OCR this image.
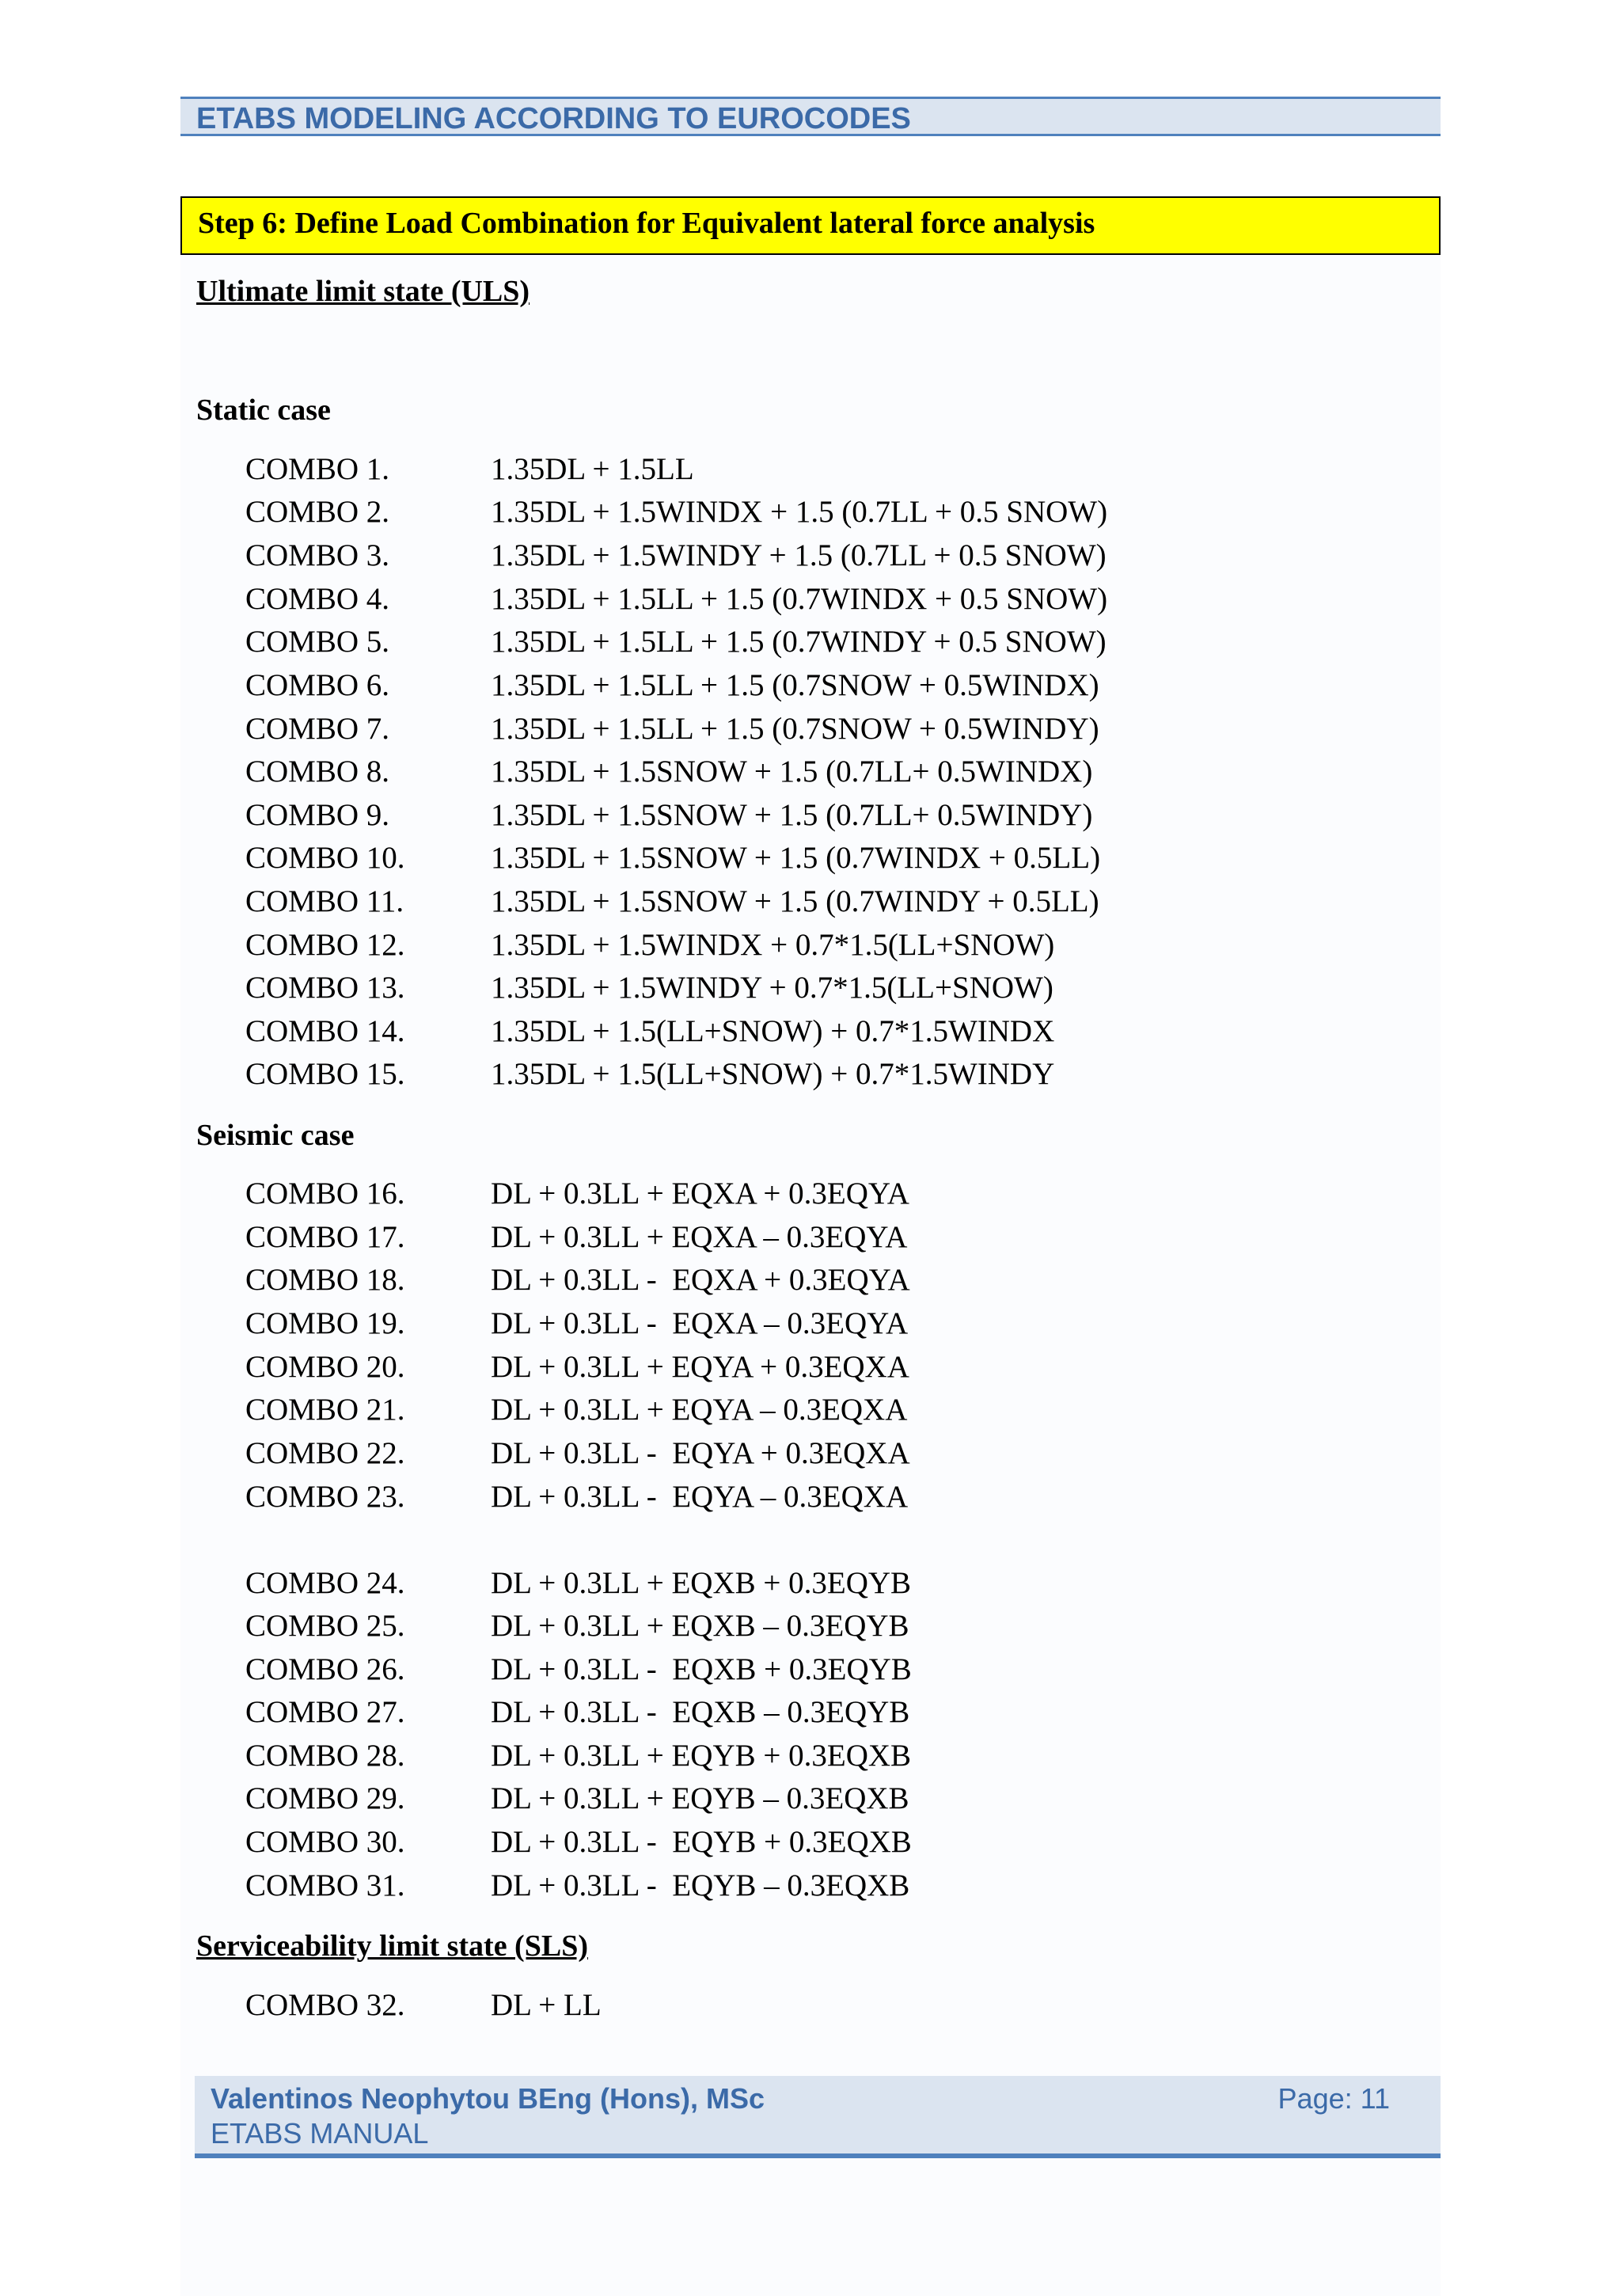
ETABS MODELING ACCORDING TO EUROCODES
Step 6: Define Load Combination for Equivalent lateral force analysis
Ultimate limit state (ULS)
Static case
COMBO 1.	1.35DL + 1.5LL
COMBO 2.	1.35DL + 1.5WINDX + 1.5 (0.7LL + 0.5 SNOW)
COMBO 3.	1.35DL + 1.5WINDY + 1.5 (0.7LL + 0.5 SNOW)
COMBO 4.	1.35DL + 1.5LL + 1.5 (0.7WINDX + 0.5 SNOW)
COMBO 5.	1.35DL + 1.5LL + 1.5 (0.7WINDY + 0.5 SNOW)
COMBO 6.	1.35DL + 1.5LL + 1.5 (0.7SNOW + 0.5WINDX)
COMBO 7.	1.35DL + 1.5LL + 1.5 (0.7SNOW + 0.5WINDY)
COMBO 8.	1.35DL + 1.5SNOW + 1.5 (0.7LL+ 0.5WINDX)
COMBO 9.	1.35DL + 1.5SNOW + 1.5 (0.7LL+ 0.5WINDY)
COMBO 10.	1.35DL + 1.5SNOW + 1.5 (0.7WINDX + 0.5LL)
COMBO 11.	1.35DL + 1.5SNOW + 1.5 (0.7WINDY + 0.5LL)
COMBO 12.	1.35DL + 1.5WINDX + 0.7*1.5(LL+SNOW)
COMBO 13.	1.35DL + 1.5WINDY + 0.7*1.5(LL+SNOW)
COMBO 14.	1.35DL + 1.5(LL+SNOW) + 0.7*1.5WINDX
COMBO 15.	1.35DL + 1.5(LL+SNOW) + 0.7*1.5WINDY
Seismic case
COMBO 16.	DL + 0.3LL + EQXA + 0.3EQYA
COMBO 17.	DL + 0.3LL + EQXA – 0.3EQYA
COMBO 18.	DL + 0.3LL -  EQXA + 0.3EQYA
COMBO 19.	DL + 0.3LL -  EQXA – 0.3EQYA
COMBO 20.	DL + 0.3LL + EQYA + 0.3EQXA
COMBO 21.	DL + 0.3LL + EQYA – 0.3EQXA
COMBO 22.	DL + 0.3LL -  EQYA + 0.3EQXA
COMBO 23.	DL + 0.3LL -  EQYA – 0.3EQXA
COMBO 24.	DL + 0.3LL + EQXB + 0.3EQYB
COMBO 25.	DL + 0.3LL + EQXB – 0.3EQYB
COMBO 26.	DL + 0.3LL -  EQXB + 0.3EQYB
COMBO 27.	DL + 0.3LL -  EQXB – 0.3EQYB
COMBO 28.	DL + 0.3LL + EQYB + 0.3EQXB
COMBO 29.	DL + 0.3LL + EQYB – 0.3EQXB
COMBO 30.	DL + 0.3LL -  EQYB + 0.3EQXB
COMBO 31.	DL + 0.3LL -  EQYB – 0.3EQXB
Serviceability limit state (SLS)
COMBO 32.	DL + LL
Valentinos Neophytou BEng (Hons), MSc
ETABS MANUAL
Page: 11
